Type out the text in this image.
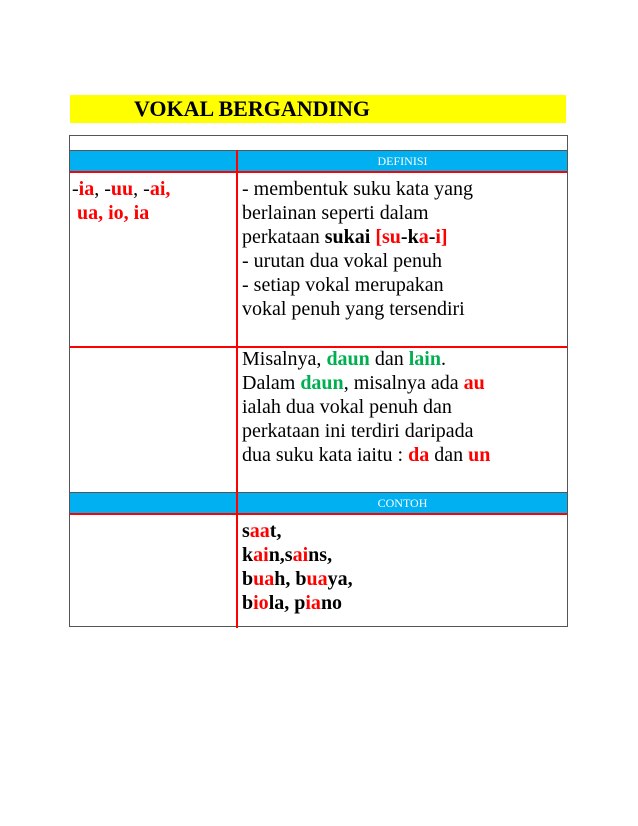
VOKAL BERGANDING
DEFINISI
CONTOH
-ia, -uu, -ai,
ua, io, ia
- membentuk suku kata yang
berlainan seperti dalam
perkataan sukai [su-ka-i]
- urutan dua vokal penuh
- setiap vokal merupakan
vokal penuh yang tersendiri
Misalnya, daun dan lain.
Dalam daun, misalnya ada au
ialah dua vokal penuh dan
perkataan ini terdiri daripada
dua suku kata iaitu : da dan un
saat,
kain,sains,
buah, buaya,
biola, piano
